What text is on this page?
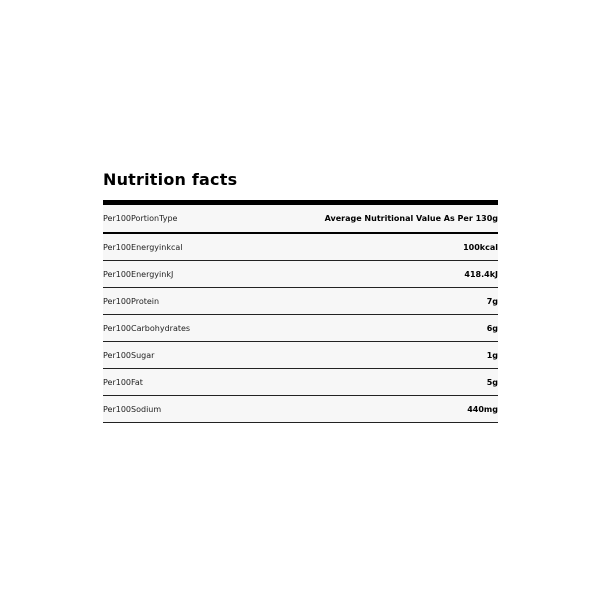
Nutrition facts
Per100PortionType	Average Nutritional Value As Per 130g
Per100Energyinkcal	100kcal
Per100EnergyinkJ	418.4kJ
Per100Protein	7g
Per100Carbohydrates	6g
Per100Sugar	1g
Per100Fat	5g
Per100Sodium	440mg
